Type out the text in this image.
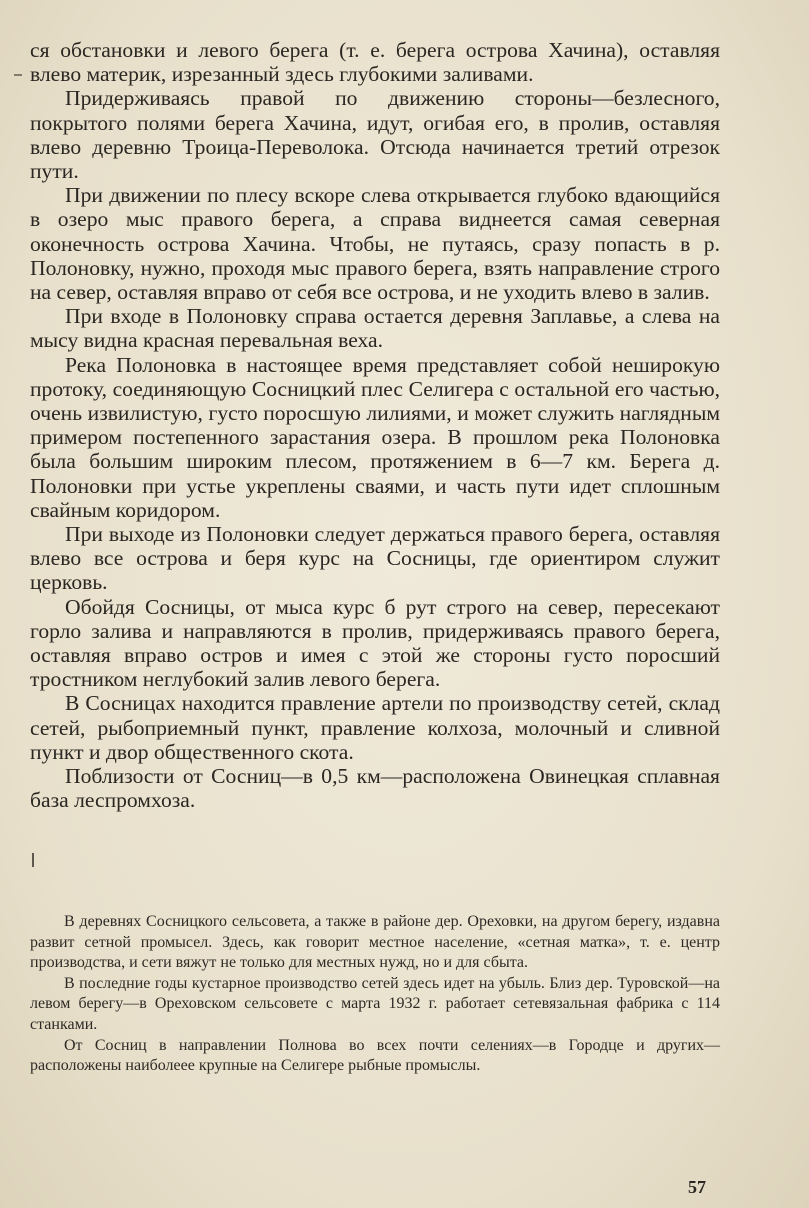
ся обстановки и левого берега (т. е. берега острова Хачина), оставляя влево материк, изрезанный здесь глубокими заливами.

Придерживаясь правой по движению стороны—безлесного, покрытого полями берега Хачина, идут, огибая его, в пролив, оставляя влево деревню Троица-Переволока. Отсюда начинается третий отрезок пути.

При движении по плесу вскоре слева открывается глубоко вдающийся в озеро мыс правого берега, а справа виднеется самая северная оконечность острова Хачина. Чтобы, не путаясь, сразу попасть в р. Полоновку, нужно, проходя мыс правого берега, взять направление строго на север, оставляя вправо от себя все острова, и не уходить влево в залив.

При входе в Полоновку справа остается деревня Заплавье, а слева на мысу видна красная перевальная веха.

Река Полоновка в настоящее время представляет собой неширокую протоку, соединяющую Сосницкий плес Селигера с остальной его частью, очень извилистую, густо поросшую лилиями, и может служить наглядным примером постепенного зарастания озера. В прошлом река Полоновка была большим широким плесом, протяжением в 6—7 км. Берега д. Полоновки при устье укреплены сваями, и часть пути идет сплошным свайным коридором.

При выходе из Полоновки следует держаться правого берега, оставляя влево все острова и беря курс на Сосницы, где ориентиром служит церковь.

Обойдя Сосницы, от мыса курс б рут строго на север, пересекают горло залива и направляются в пролив, придерживаясь правого берега, оставляя вправо остров и имея с этой же стороны густо поросший тростником неглубокий залив левого берега.

В Сосницах находится правление артели по производству сетей, склад сетей, рыбоприемный пункт, правление колхоза, молочный и сливной пункт и двор общественного скота.

Поблизости от Сосниц—в 0,5 км—расположена Овинецкая сплавная база леспромхоза.

В деревнях Сосницкого сельсовета, а также в районе дер. Ореховки, на другом берегу, издавна развит сетной промысел. Здесь, как говорит местное население, «сетная матка», т. е. центр производства, и сети вяжут не только для местных нужд, но и для сбыта.

В последние годы кустарное производство сетей здесь идет на убыль. Близ дер. Туровской—на левом берегу—в Ореховском сельсовете с марта 1932 г. работает сетевязальная фабрика с 114 станками.

От Сосниц в направлении Полнова во всех почти селениях—в Городце и других—расположены наиболеее крупные на Селигере рыбные промыслы.

57
